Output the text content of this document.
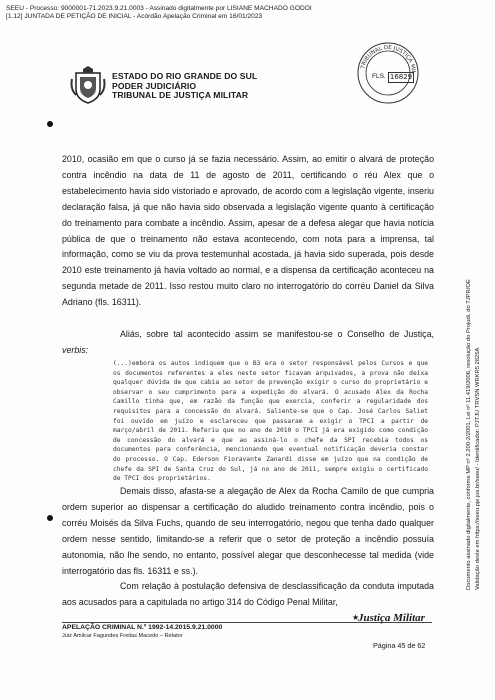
SEEU - Processo: 9000001-71.2023.9.21.0003 - Assinado digitalmente por LISIANE MACHADO GODOI
[1.12] JUNTADA DE PETIÇÃO DE INICIAL - Acórdão Apelação Criminal em 16/01/2023
ESTADO DO RIO GRANDE DO SUL
PODER JUDICIÁRIO
TRIBUNAL DE JUSTIÇA MILITAR
TRIBUNAL DE JUSTIÇA MIL
FLS. 16829
2010, ocasião em que o curso já se fazia necessário. Assim, ao emitir o alvará de proteção contra incêndio na data de 11 de agosto de 2011, certificando o réu Alex que o estabelecimento havia sido vistoriado e aprovado, de acordo com a legislação vigente, inseriu declaração falsa, já que não havia sido observada a legislação vigente quanto à certificação do treinamento para combate a incêndio. Assim, apesar de a defesa alegar que havia notícia pública de que o treinamento não estava acontecendo, com nota para a imprensa, tal informação, como se viu da prova testemunhal acostada, já havia sido superada, pois desde 2010 este treinamento já havia voltado ao normal, e a dispensa da certificação aconteceu na segunda metade de 2011. Isso restou muito claro no interrogatório do corréu Daniel da Silva Adriano (fls. 16311).
Aliás, sobre tal acontecido assim se manifestou-se o Conselho de Justiça, verbis:
(...)embora os autos indiquem que o B3 era o setor responsável pelos Cursos e que os documentos referentes a eles neste setor ficavam arquivados, a prova não deixa qualquer dúvida de que cabia ao setor de prevenção exigir o curso do proprietário e observar o seu cumprimento para a expedição do alvará. O acusado Alex da Rocha Camillo tinha que, em razão da função que exercia, conferir a regularidade dos requisitos para a concessão do alvará. Saliente-se que o Cap. José Carlos Saliet foi ouvido em juízo e esclareceu que passaram a exigir o TPCI a partir de março/abril de 2011. Referiu que no ano de 2010 o TPCI já era exigido como condição de concessão do alvará e que ao assiná-lo o chefe da SPI recebia todos os documentos para conferência, mencionando que eventual notificação deveria constar do processo. O Cap. Ederson Fioravante Zanardi disse em juízo que na condição de chefe da SPI de Santa Cruz do Sul, já no ano de 2011, sempre exigiu o certificado de TPCI dos proprietários.
Demais disso, afasta-se a alegação de Alex da Rocha Camilo de que cumpria ordem superior ao dispensar a certificação do aludido treinamento contra incêndio, pois o corréu Moisés da Silva Fuchs, quando de seu interrogatório, negou que tenha dado qualquer ordem nesse sentido, limitando-se a referir que o setor de proteção a incêndio possuía autonomia, não lhe sendo, no entanto, possível alegar que desconhecesse tal medida (vide interrogatório das fls. 16311 e ss.).
Com relação à postulação defensiva de desclassificação da conduta imputada aos acusados para a capitulada no artigo 314 do Código Penal Militar,
Documento assinado digitalmente, conforme MP nº 2.200-2/2001, Lei nº 11.419/2006, resolução do Projudi, do TJPR/OE Validação deste em https://seeu.pje.jus.br/seeu/ - Identificador: PJTJU TRVSN WRKR5 2825A
APELAÇÃO CRIMINAL N.º 1992-14.2015.9.21.0000
Juiz Amilcar Fagundes Freitas Macedo – Relator
★
Justiça Militar
Página 45 de 62
